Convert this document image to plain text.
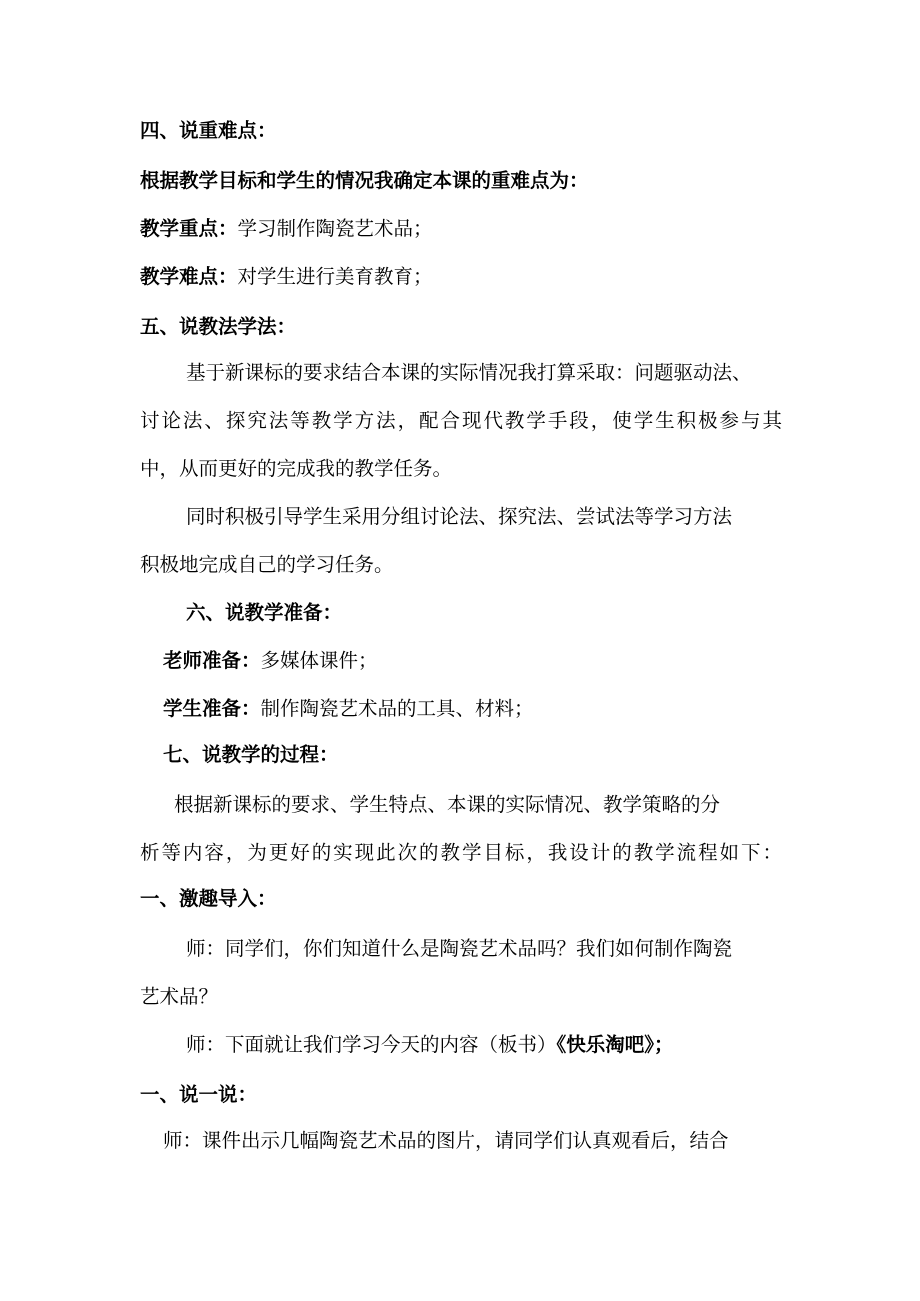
四、说重难点：
根据教学目标和学生的情况我确定本课的重难点为：
教学重点：学习制作陶瓷艺术品；
教学难点：对学生进行美育教育；
五、说教法学法：
基于新课标的要求结合本课的实际情况我打算采取：问题驱动法、
讨论法、探究法等教学方法，配合现代教学手段，使学生积极参与其
中，从而更好的完成我的教学任务。
同时积极引导学生采用分组讨论法、探究法、尝试法等学习方法
积极地完成自己的学习任务。
六、说教学准备：
老师准备：多媒体课件；
学生准备：制作陶瓷艺术品的工具、材料；
七、说教学的过程：
根据新课标的要求、学生特点、本课的实际情况、教学策略的分
析等内容，为更好的实现此次的教学目标，我设计的教学流程如下：
一、激趣导入：
师：同学们，你们知道什么是陶瓷艺术品吗？我们如何制作陶瓷
艺术品？
师：下面就让我们学习今天的内容（板书）《快乐淘吧》；
一、说一说：
师：课件出示几幅陶瓷艺术品的图片，请同学们认真观看后，结合
